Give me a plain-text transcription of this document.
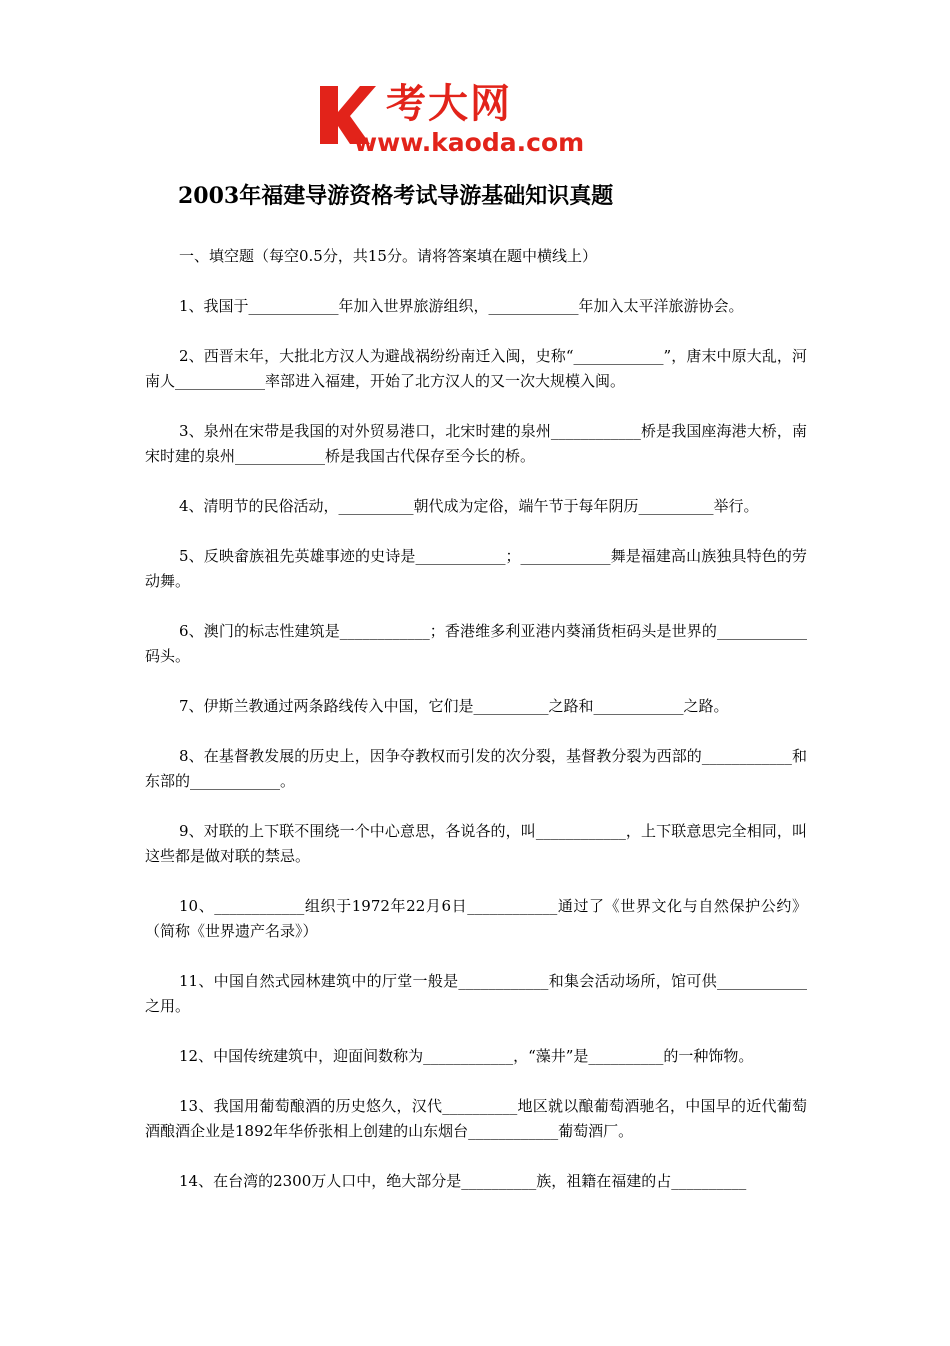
考大网
www.kaoda.com
2003年福建导游资格考试导游基础知识真题

一、填空题（每空0.5分，共15分。请将答案填在题中横线上）

1、我国于____________年加入世界旅游组织，____________年加入太平洋旅游协会。

2、西晋末年，大批北方汉人为避战祸纷纷南迁入闽，史称“____________”，唐末中原大乱，河南人____________率部进入福建，开始了北方汉人的又一次大规模入闽。

3、泉州在宋带是我国的对外贸易港口，北宋时建的泉州____________桥是我国座海港大桥，南宋时建的泉州____________桥是我国古代保存至今长的桥。

4、清明节的民俗活动，__________朝代成为定俗，端午节于每年阴历__________举行。

5、反映畲族祖先英雄事迹的史诗是____________；____________舞是福建高山族独具特色的劳动舞。

6、澳门的标志性建筑是____________；香港维多利亚港内葵涌货柜码头是世界的____________码头。

7、伊斯兰教通过两条路线传入中国，它们是__________之路和____________之路。

8、在基督教发展的历史上，因争夺教权而引发的次分裂，基督教分裂为西部的____________和东部的____________。

9、对联的上下联不围绕一个中心意思，各说各的，叫____________，上下联意思完全相同，叫这些都是做对联的禁忌。

10、____________组织于1972年22月6日____________通过了《世界文化与自然保护公约》（简称《世界遗产名录》）

11、中国自然式园林建筑中的厅堂一般是____________和集会活动场所，馆可供____________之用。

12、中国传统建筑中，迎面间数称为____________，“藻井”是__________的一种饰物。

13、我国用葡萄酿酒的历史悠久，汉代__________地区就以酿葡萄酒驰名，中国早的近代葡萄酒酿酒企业是1892年华侨张相上创建的山东烟台____________葡萄酒厂。

14、在台湾的2300万人口中，绝大部分是__________族，祖籍在福建的占__________
